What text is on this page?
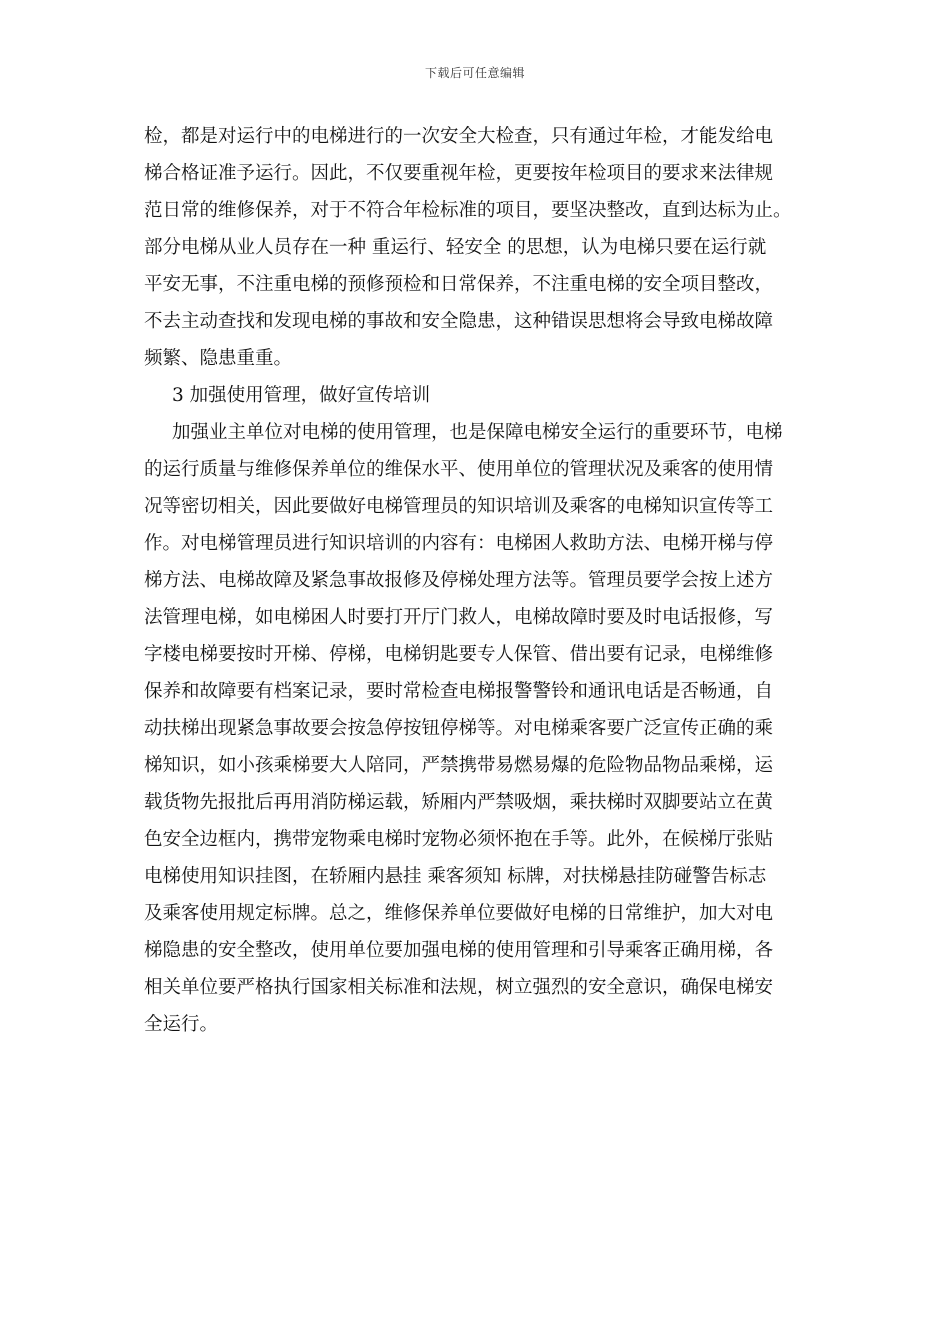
下载后可任意编辑
检，都是对运行中的电梯进行的一次安全大检查，只有通过年检，才能发给电
梯合格证准予运行。因此，不仅要重视年检，更要按年检项目的要求来法律规
范日常的维修保养，对于不符合年检标准的项目，要坚决整改，直到达标为止。
部分电梯从业人员存在一种 重运行、轻安全 的思想，认为电梯只要在运行就
平安无事，不注重电梯的预修预检和日常保养，不注重电梯的安全项目整改，
不去主动查找和发现电梯的事故和安全隐患，这种错误思想将会导致电梯故障
频繁、隐患重重。
3 加强使用管理，做好宣传培训
加强业主单位对电梯的使用管理，也是保障电梯安全运行的重要环节，电梯
的运行质量与维修保养单位的维保水平、使用单位的管理状况及乘客的使用情
况等密切相关，因此要做好电梯管理员的知识培训及乘客的电梯知识宣传等工
作。对电梯管理员进行知识培训的内容有：电梯困人救助方法、电梯开梯与停
梯方法、电梯故障及紧急事故报修及停梯处理方法等。管理员要学会按上述方
法管理电梯，如电梯困人时要打开厅门救人，电梯故障时要及时电话报修，写
字楼电梯要按时开梯、停梯，电梯钥匙要专人保管、借出要有记录，电梯维修
保养和故障要有档案记录，要时常检查电梯报警警铃和通讯电话是否畅通，自
动扶梯出现紧急事故要会按急停按钮停梯等。对电梯乘客要广泛宣传正确的乘
梯知识，如小孩乘梯要大人陪同，严禁携带易燃易爆的危险物品物品乘梯，运
载货物先报批后再用消防梯运载，矫厢内严禁吸烟，乘扶梯时双脚要站立在黄
色安全边框内，携带宠物乘电梯时宠物必须怀抱在手等。此外，在候梯厅张贴
电梯使用知识挂图，在轿厢内悬挂 乘客须知 标牌，对扶梯悬挂防碰警告标志
及乘客使用规定标牌。总之，维修保养单位要做好电梯的日常维护，加大对电
梯隐患的安全整改，使用单位要加强电梯的使用管理和引导乘客正确用梯，各
相关单位要严格执行国家相关标准和法规，树立强烈的安全意识，确保电梯安
全运行。
